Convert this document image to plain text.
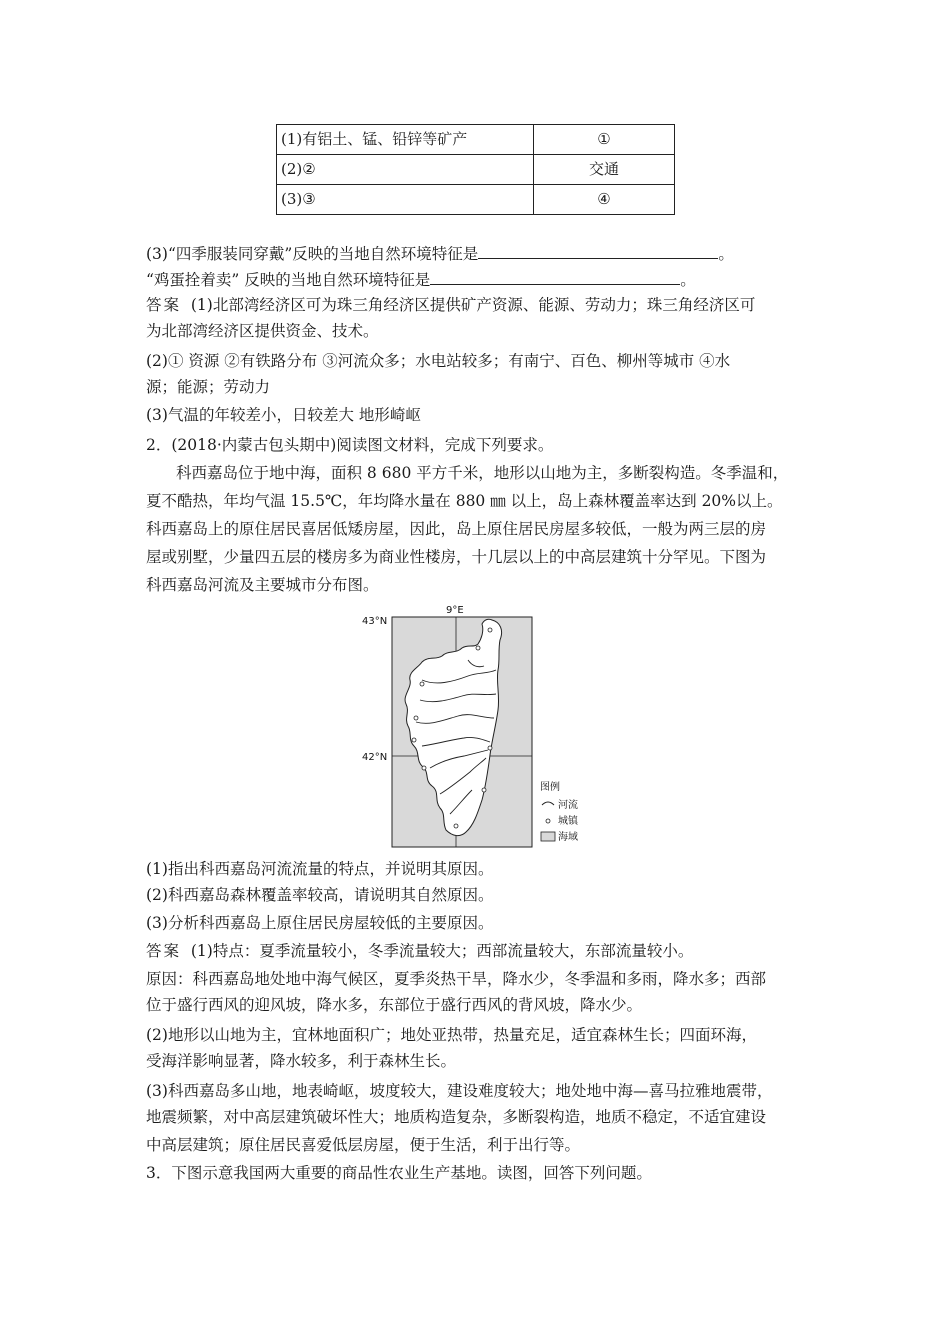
(1)有铝土、锰、铅锌等矿产	①
(2)②	交通
(3)③	④
(3)“四季服装同穿戴”反映的当地自然环境特征是	。
“鸡蛋拴着卖” 反映的当地自然环境特征是	。
答案 (1)北部湾经济区可为珠三角经济区提供矿产资源、能源、劳动力；珠三角经济区可
为北部湾经济区提供资金、技术。
(2)① 资源 ②有铁路分布 ③河流众多；水电站较多；有南宁、百色、柳州等城市 ④水
源；能源；劳动力
(3)气温的年较差小，日较差大 地形崎岖
2．(2018·内蒙古包头期中)阅读图文材料，完成下列要求。
科西嘉岛位于地中海，面积 8 680 平方千米，地形以山地为主，多断裂构造。冬季温和，
夏不酷热，年均气温 15.5℃，年均降水量在 880 ㎜ 以上，岛上森林覆盖率达到 20%以上。
科西嘉岛上的原住居民喜居低矮房屋，因此，岛上原住居民房屋多较低，一般为两三层的房
屋或别墅，少量四五层的楼房多为商业性楼房，十几层以上的中高层建筑十分罕见。下图为
科西嘉岛河流及主要城市分布图。
9°E
43°N
42°N
图例
河流
城镇
海域
(1)指出科西嘉岛河流流量的特点，并说明其原因。
(2)科西嘉岛森林覆盖率较高，请说明其自然原因。
(3)分析科西嘉岛上原住居民房屋较低的主要原因。
答案 (1)特点：夏季流量较小，冬季流量较大；西部流量较大，东部流量较小。
原因：科西嘉岛地处地中海气候区，夏季炎热干旱，降水少，冬季温和多雨，降水多；西部
位于盛行西风的迎风坡，降水多，东部位于盛行西风的背风坡，降水少。
(2)地形以山地为主，宜林地面积广；地处亚热带，热量充足，适宜森林生长；四面环海，
受海洋影响显著，降水较多，利于森林生长。
(3)科西嘉岛多山地，地表崎岖，坡度较大，建设难度较大；地处地中海—喜马拉雅地震带，
地震频繁，对中高层建筑破坏性大；地质构造复杂，多断裂构造，地质不稳定，不适宜建设
中高层建筑；原住居民喜爱低层房屋，便于生活，利于出行等。
3．下图示意我国两大重要的商品性农业生产基地。读图，回答下列问题。
